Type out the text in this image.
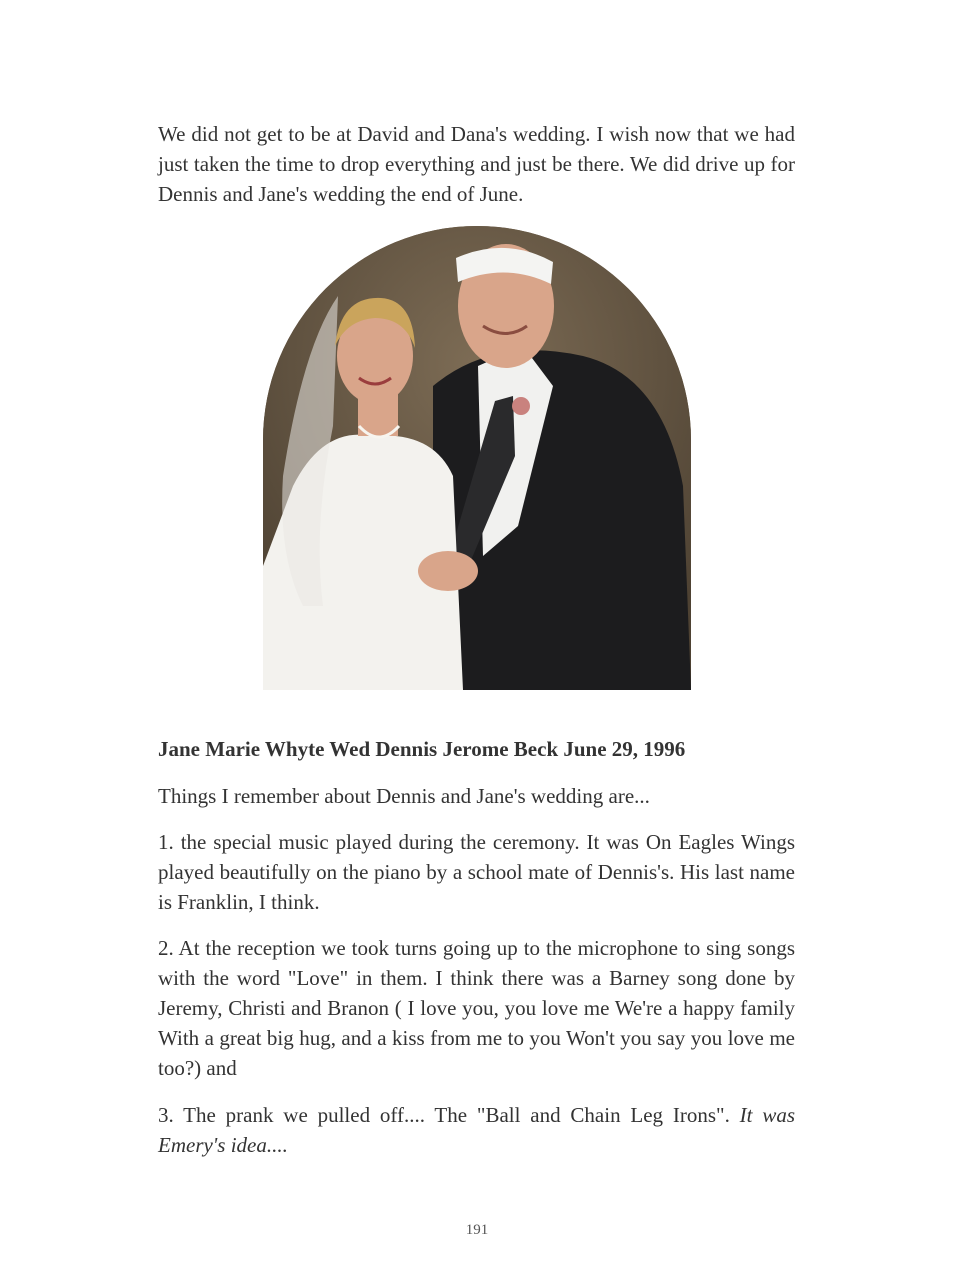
We did not get to be at David and Dana's wedding. I wish now that we had just taken the time to drop everything and just be there. We did drive up for Dennis and Jane's wedding the end of June.

Jane Marie Whyte Wed Dennis Jerome Beck June 29, 1996

Things I remember about Dennis and Jane's wedding are...

1. the special music played during the ceremony. It was On Eagles Wings played beautifully on the piano by a school mate of Dennis's. His last name is Franklin, I think.

2. At the reception we took turns going up to the microphone to sing songs with the word "Love" in them. I think there was a Barney song done by Jeremy, Christi and Branon ( I love you, you love me We're a happy family With a great big hug, and a kiss from me to you Won't you say you love me too?) and

3. The prank we pulled off.... The "Ball and Chain Leg Irons". It was Emery's idea....

191
